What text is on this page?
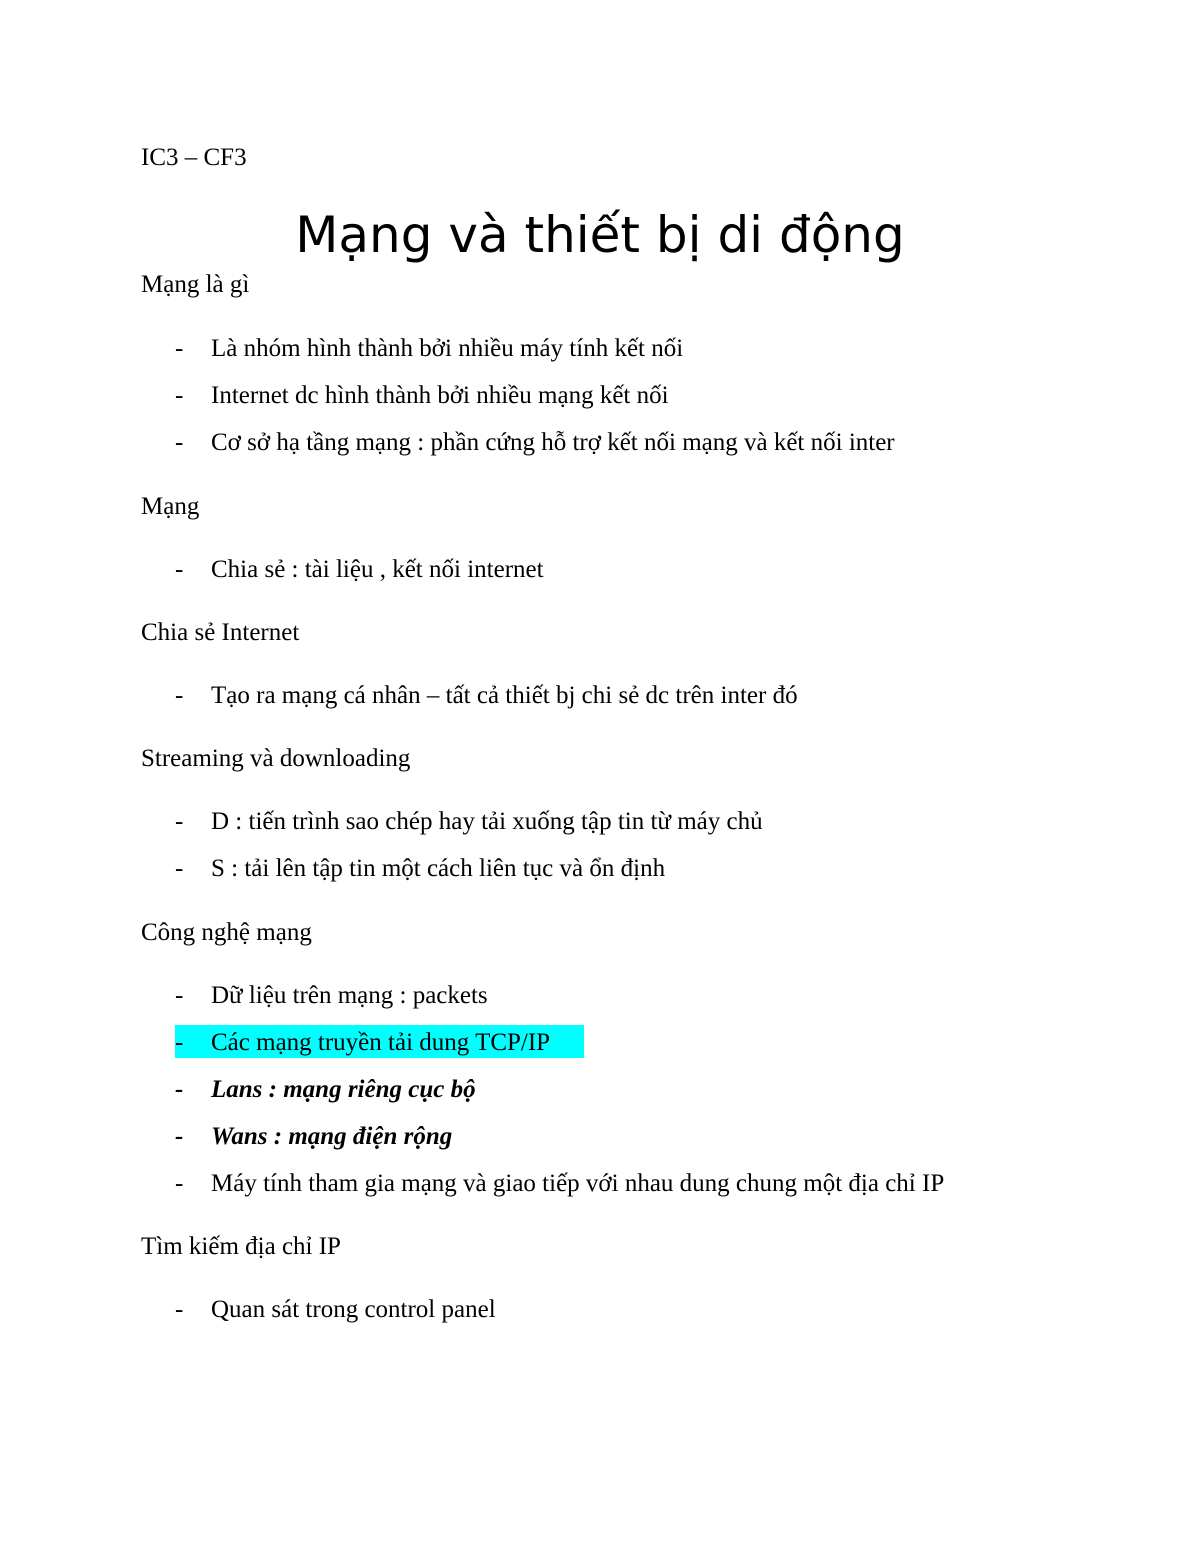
IC3 – CF3
Mạng và thiết bị di động
Mạng là gì
- Là nhóm hình thành bởi nhiều máy tính kết nối
- Internet dc hình thành bởi nhiều mạng kết nối
- Cơ sở hạ tầng mạng : phần cứng hỗ trợ kết nối mạng và kết nối inter
Mạng
- Chia sẻ : tài liệu , kết nối internet
Chia sẻ Internet
- Tạo ra mạng cá nhân – tất cả thiết bj chi sẻ dc trên inter đó
Streaming và downloading
- D : tiến trình sao chép hay tải xuống tập tin từ máy chủ
- S : tải lên tập tin một cách liên tục và ổn định
Công nghệ mạng
- Dữ liệu trên mạng : packets
- Các mạng truyền tải dung TCP/IP
- Lans : mạng riêng cục bộ
- Wans : mạng điện rộng
- Máy tính tham gia mạng và giao tiếp với nhau dung chung một địa chỉ IP
Tìm kiếm địa chỉ IP
- Quan sát trong control panel
